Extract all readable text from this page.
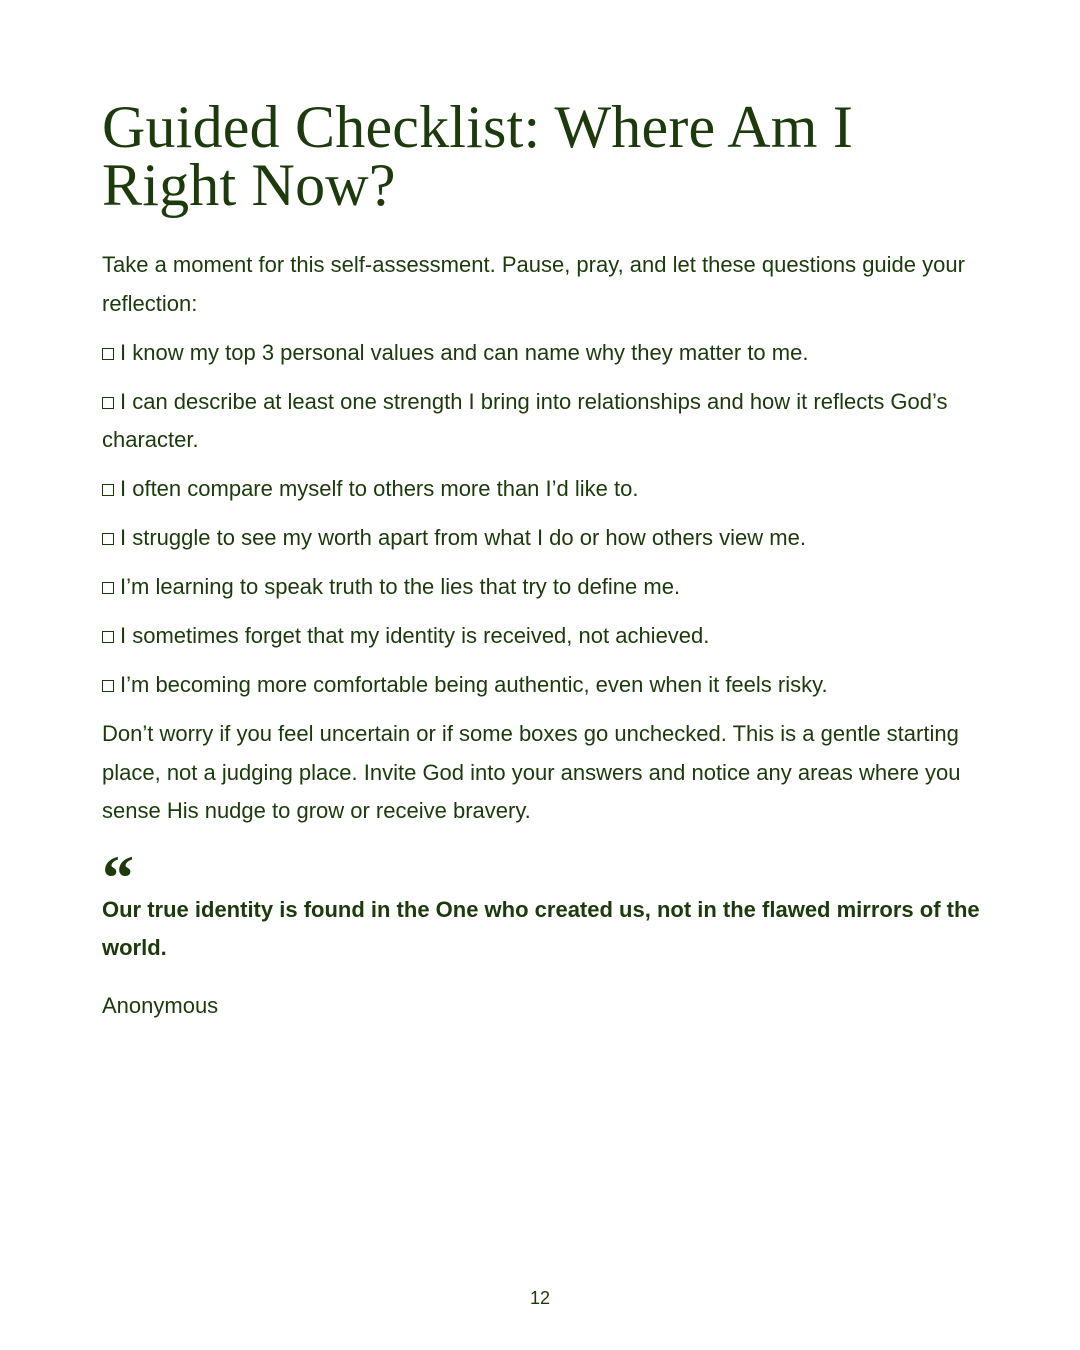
Guided Checklist: Where Am I Right Now?

Take a moment for this self-assessment. Pause, pray, and let these questions guide your reflection:

I know my top 3 personal values and can name why they matter to me.
I can describe at least one strength I bring into relationships and how it reflects God’s character.
I often compare myself to others more than I’d like to.
I struggle to see my worth apart from what I do or how others view me.
I’m learning to speak truth to the lies that try to define me.
I sometimes forget that my identity is received, not achieved.
I’m becoming more comfortable being authentic, even when it feels risky.

Don’t worry if you feel uncertain or if some boxes go unchecked. This is a gentle starting place, not a judging place. Invite God into your answers and notice any areas where you sense His nudge to grow or receive bravery.

“

Our true identity is found in the One who created us, not in the flawed mirrors of the world.

Anonymous

12
